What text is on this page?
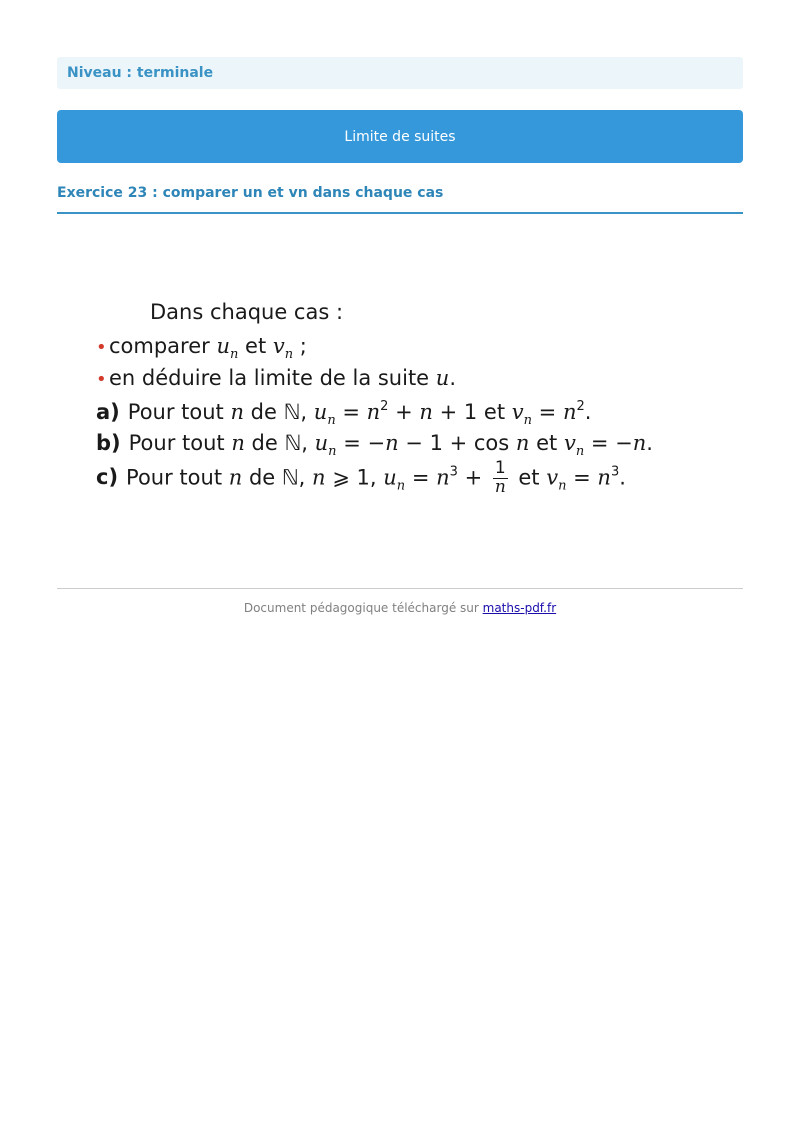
Niveau : terminale
Limite de suites
Exercice 23 : comparer un et vn dans chaque cas
Dans chaque cas :
• comparer $u_n$ et $v_n$ ;
• en déduire la limite de la suite u.
a) Pour tout n de ℕ, $u_n = n^2 + n + 1$ et $v_n = n^2$.
b) Pour tout n de ℕ, $u_n = -n - 1 + \cos n$ et $v_n = -n$.
c) Pour tout n de ℕ, n ⩾ 1, $u_n = n^3 + \frac{1}{n}$ et $v_n = n^3$.
Document pédagogique téléchargé sur maths-pdf.fr
